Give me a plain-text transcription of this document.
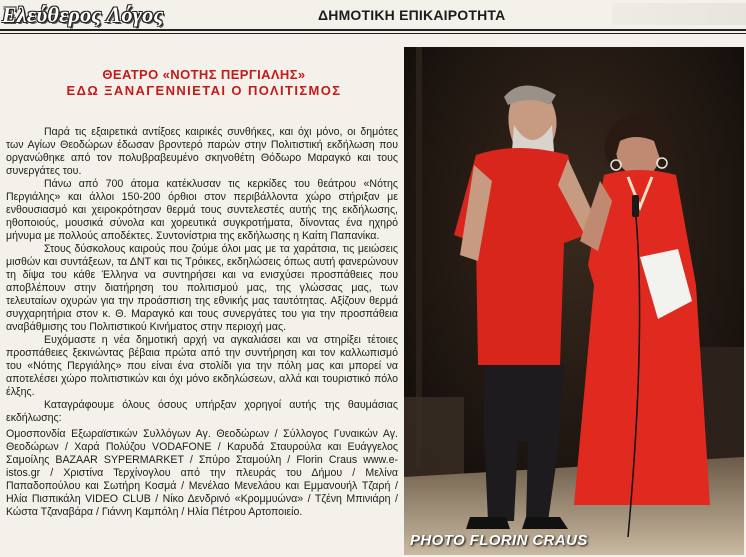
Ελεύθερος Λόγος	ΔΗΜΟΤΙΚΗ ΕΠΙΚΑΙΡΟΤΗΤΑ
ΘΕΑΤΡΟ «ΝΟΤΗΣ ΠΕΡΓΙΑΛΗΣ»
ΕΔΩ ΞΑΝΑΓΕΝΝΙΕΤΑΙ Ο ΠΟΛΙΤΙΣΜΟΣ

Παρά τις εξαιρετικά αντίξοες καιρικές συνθήκες, και όχι μόνο, οι δημότες των Αγίων Θεοδώρων έδωσαν βροντερό παρών στην Πολιτιστική εκδήλωση που οργανώθηκε από τον πολυβραβευμένο σκηνοθέτη Θόδωρο Μαραγκό και τους συνεργάτες του.

Πάνω από 700 άτομα κατέκλυσαν τις κερκίδες του θεάτρου «Νότης Περγιάλης» και άλλοι 150-200 όρθιοι στον περιβάλλοντα χώρο στήριξαν με ενθουσιασμό και χειροκρότησαν θερμά τους συντελεστές αυτής της εκδήλωσης, ηθοποιούς, μουσικά σύνολα και χορευτικά συγκροτήματα, δίνοντας ένα ηχηρό μήνυμα με πολλούς αποδέκτες. Συντονίστρια της εκδήλωσης η Καίτη Παπανίκα.

Στους δύσκολους καιρούς που ζούμε όλοι μας με τα χαράτσια, τις μειώσεις μισθών και συντάξεων, τα ΔΝΤ και τις Τρόικες, εκδηλώσεις όπως αυτή φανερώνουν τη δίψα του κάθε Έλληνα να συντηρήσει και να ενισχύσει προσπάθειες που αποβλέπουν στην διατήρηση του πολιτισμού μας, της γλώσσας μας, των τελευταίων οχυρών για την προάσπιση της εθνικής μας ταυτότητας. Αξίζουν θερμά συγχαρητήρια στον κ. Θ. Μαραγκό και τους συνεργάτες του για την προσπάθεια αναβάθμισης του Πολιτιστικού Κινήματος στην περιοχή μας.

Ευχόμαστε η νέα δημοτική αρχή να αγκαλιάσει και να στηρίξει τέτοιες προσπάθειες ξεκινώντας βέβαια πρώτα από την συντήρηση και τον καλλωπισμό του «Νότης Περγιάλης» που είναι ένα στολίδι για την πόλη μας και μπορεί να αποτελέσει χώρο πολιτιστικών και όχι μόνο εκδηλώσεων, αλλά και τουριστικό πόλο έλξης.

Καταγράφουμε όλους όσους υπήρξαν χορηγοί αυτής της θαυμάσιας εκδήλωσης:

Ομοσπονδία Εξωραϊστικών Συλλόγων Αγ. Θεοδώρων / Σύλλογος Γυναικών Αγ. Θεοδώρων / Χαρά Πολύζου VODAFONE / Καρυδά Σταυρούλα και Ευάγγελος Σαμοίλης BAZAAR SYPERMARKET / Σπύρο Σταμούλη / Florin Craus www.e-istos.gr / Χριστίνα Τερχίνογλου από την πλευράς του Δήμου / Μελίνα Παπαδοπούλου και Σωτήρη Κοσμά / Μενέλαο Μενελάου και Εμμανουήλ Τζαρή / Ηλία Πισπικάλη VIDEO CLUB / Νίκο Δενδρινό «Κρομμυώνα» / Τζένη Μπινιάρη / Κώστα Τζαναβάρα / Γιάννη Καμπόλη / Ηλία Πέτρου Αρτοποιείο.

PHOTO FLORIN CRAUS
